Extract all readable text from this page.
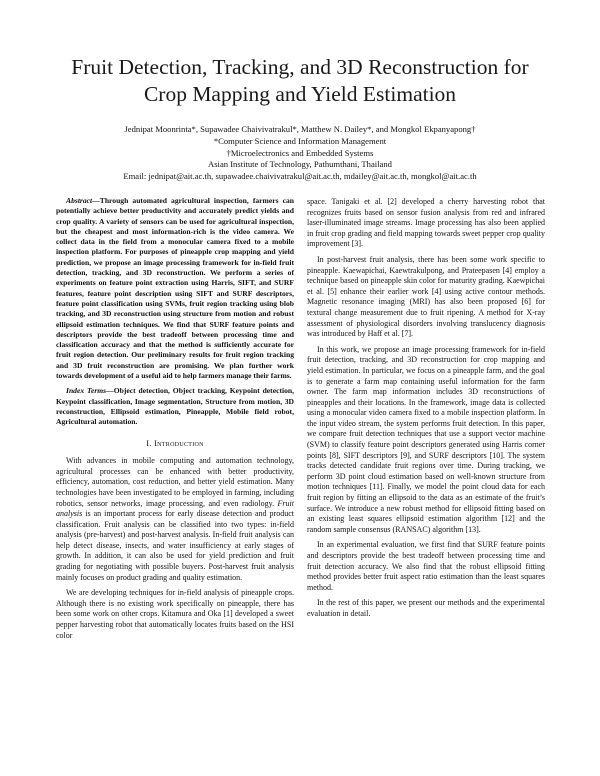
Fruit Detection, Tracking, and 3D Reconstruction for
Crop Mapping and Yield Estimation
Jednipat Moonrinta*, Supawadee Chaivivatrakul*, Matthew N. Dailey*, and Mongkol Ekpanyapong†
*Computer Science and Information Management
†Microelectronics and Embedded Systems
Asian Institute of Technology, Pathumthani, Thailand
Email: jednipat@ait.ac.th, supawadee.chaivivatrakul@ait.ac.th, mdailey@ait.ac.th, mongkol@ait.ac.th

Abstract—Through automated agricultural inspection, farmers can potentially achieve better productivity and accurately predict yields and crop quality. A variety of sensors can be used for agricultural inspection, but the cheapest and most information-rich is the video camera. We collect data in the field from a monocular camera fixed to a mobile inspection platform. For purposes of pineapple crop mapping and yield prediction, we propose an image processing framework for in-field fruit detection, tracking, and 3D reconstruction. We perform a series of experiments on feature point extraction using Harris, SIFT, and SURF features, feature point description using SIFT and SURF descriptors, feature point classification using SVMs, fruit region tracking using blob tracking, and 3D reconstruction using structure from motion and robust ellipsoid estimation techniques. We find that SURF feature points and descriptors provide the best tradeoff between processing time and classification accuracy and that the method is sufficiently accurate for fruit region detection. Our preliminary results for fruit region tracking and 3D fruit reconstruction are promising. We plan further work towards development of a useful aid to help farmers manage their farms.

Index Terms—Object detection, Object tracking, Keypoint detection, Keypoint classification, Image segmentation, Structure from motion, 3D reconstruction, Ellipsoid estimation, Pineapple, Mobile field robot, Agricultural automation.

I. Introduction

With advances in mobile computing and automation technology, agricultural processes can be enhanced with better productivity, efficiency, automation, cost reduction, and better yield estimation. Many technologies have been investigated to be employed in farming, including robotics, sensor networks, image processing, and even radiology. Fruit analysis is an important process for early disease detection and product classification. Fruit analysis can be classified into two types: in-field analysis (pre-harvest) and post-harvest analysis. In-field fruit analysis can help detect disease, insects, and water insufficiency at early stages of growth. In addition, it can also be used for yield prediction and fruit grading for negotiating with possible buyers. Post-harvest fruit analysis mainly focuses on product grading and quality estimation.

We are developing techniques for in-field analysis of pineapple crops. Although there is no existing work specifically on pineapple, there has been some work on other crops. Kitamura and Oka [1] developed a sweet pepper harvesting robot that automatically locates fruits based on the HSI color

space. Tanigaki et al. [2] developed a cherry harvesting robot that recognizes fruits based on sensor fusion analysis from red and infrared laser-illuminated image streams. Image processing has also been applied in fruit crop grading and field mapping towards sweet pepper crop quality improvement [3].

In post-harvest fruit analysis, there has been some work specific to pineapple. Kaewapichai, Kaewtrakulpong, and Prateepasen [4] employ a technique based on pineapple skin color for maturity grading. Kaewpichai et al. [5] enhance their earlier work [4] using active contour methods. Magnetic resonance imaging (MRI) has also been proposed [6] for textural change measurement due to fruit ripening. A method for X-ray assessment of physiological disorders involving translucency diagnosis was introduced by Haff et al. [7].

In this work, we propose an image processing framework for in-field fruit detection, tracking, and 3D reconstruction for crop mapping and yield estimation. In particular, we focus on a pineapple farm, and the goal is to generate a farm map containing useful information for the farm owner. The farm map information includes 3D reconstructions of pineapples and their locations. In the framework, image data is collected using a monocular video camera fixed to a mobile inspection platform. In the input video stream, the system performs fruit detection. In this paper, we compare fruit detection techniques that use a support vector machine (SVM) to classify feature point descriptors generated using Harris corner points [8], SIFT descriptors [9], and SURF descriptors [10]. The system tracks detected candidate fruit regions over time. During tracking, we perform 3D point cloud estimation based on well-known structure from motion techniques [11]. Finally, we model the point cloud data for each fruit region by fitting an ellipsoid to the data as an estimate of the fruit’s surface. We introduce a new robust method for ellipsoid fitting based on an existing least squares ellipsoid estimation algorithm [12] and the random sample consensus (RANSAC) algorithm [13].

In an experimental evaluation, we first find that SURF feature points and descriptors provide the best tradeoff between processing time and fruit detection accuracy. We also find that the robust ellipsoid fitting method provides better fruit aspect ratio estimation than the least squares method.

In the rest of this paper, we present our methods and the experimental evaluation in detail.
